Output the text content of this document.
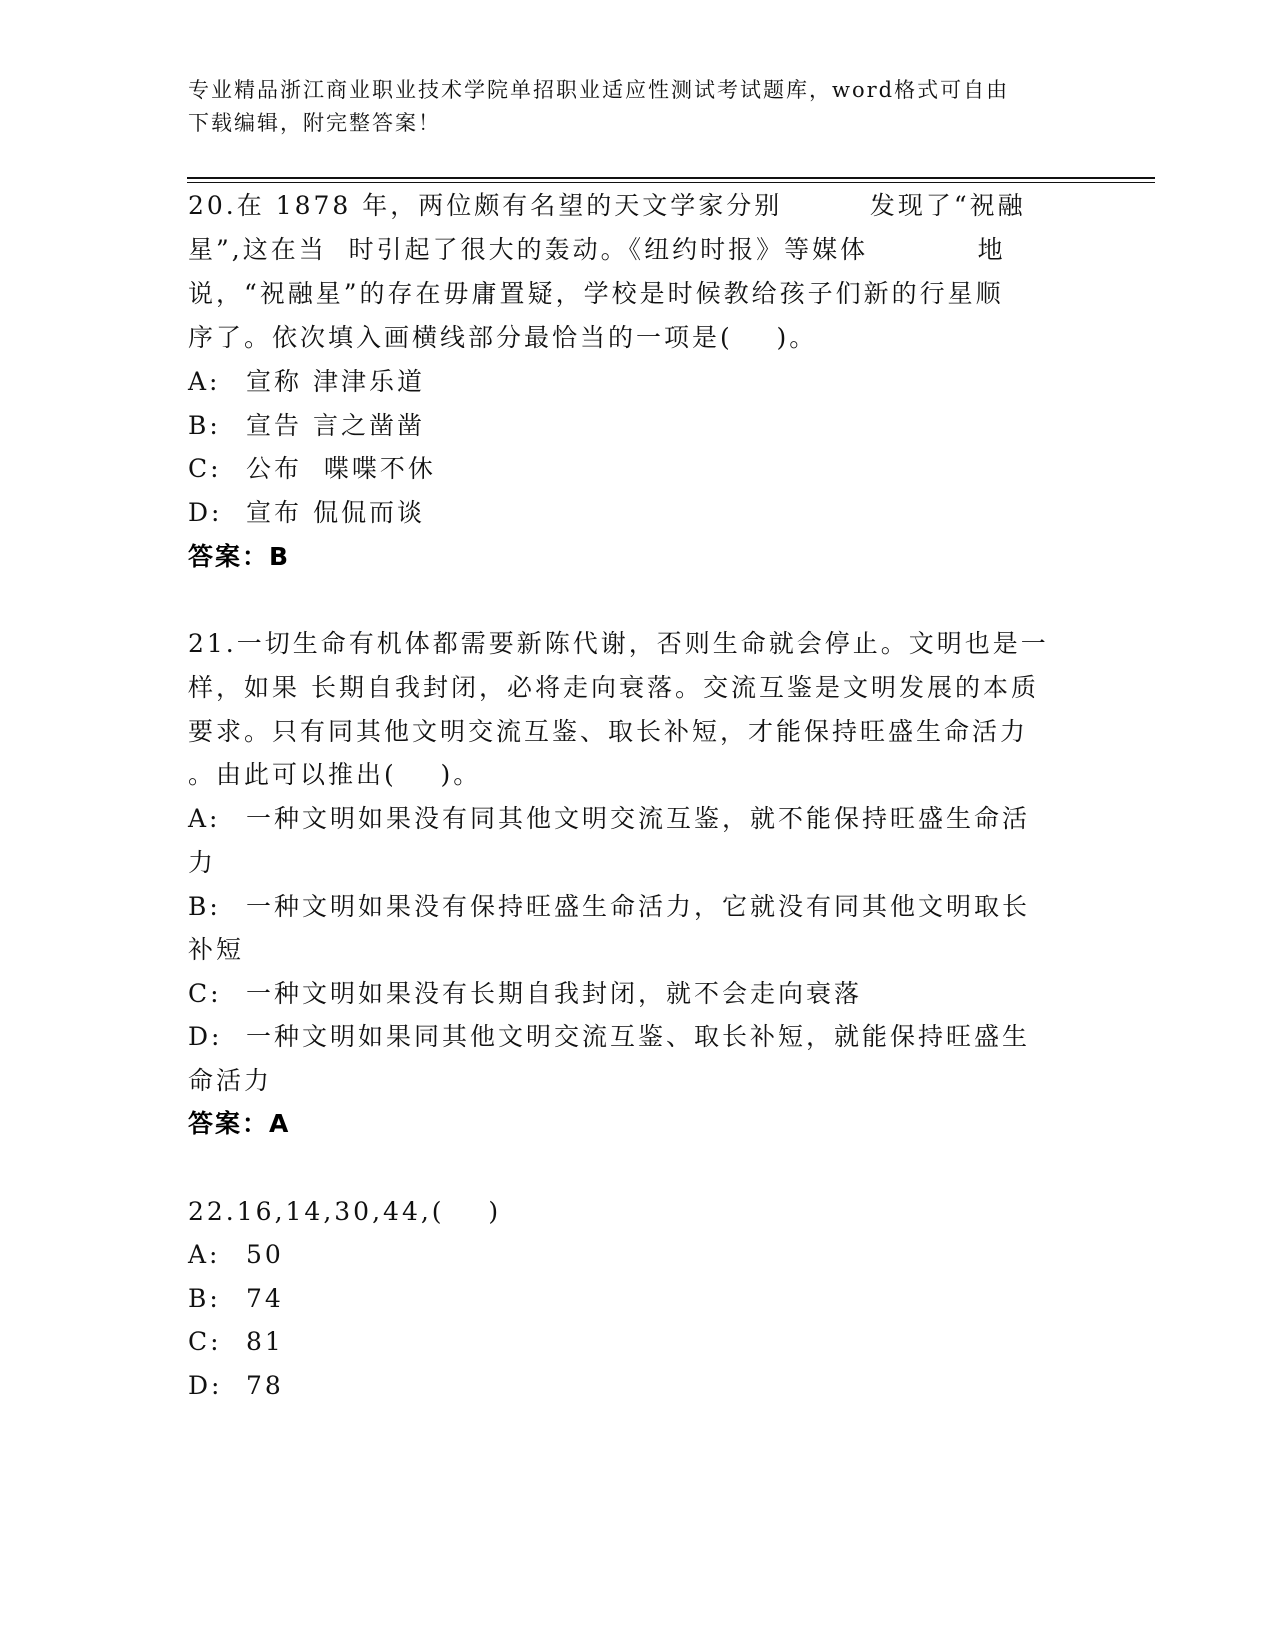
专业精品浙江商业职业技术学院单招职业适应性测试考试题库，word格式可自由
下载编辑，附完整答案！
20.在 1878 年，两位颇有名望的天文学家分别        发现了“祝融
星”,这在当  时引起了很大的轰动。《纽约时报》等媒体          地
说，“祝融星”的存在毋庸置疑，学校是时候教给孩子们新的行星顺
序了。依次填入画横线部分最恰当的一项是(    )。
A: 宣称 津津乐道
B: 宣告 言之凿凿
C: 公布  喋喋不休
D: 宣布 侃侃而谈
答案：B
21.一切生命有机体都需要新陈代谢，否则生命就会停止。文明也是一
样，如果 长期自我封闭，必将走向衰落。交流互鉴是文明发展的本质
要求。只有同其他文明交流互鉴、取长补短，才能保持旺盛生命活力
。由此可以推出(    )。
A: 一种文明如果没有同其他文明交流互鉴，就不能保持旺盛生命活
力
B: 一种文明如果没有保持旺盛生命活力，它就没有同其他文明取长
补短
C: 一种文明如果没有长期自我封闭，就不会走向衰落
D: 一种文明如果同其他文明交流互鉴、取长补短，就能保持旺盛生
命活力
答案：A
22.16,14,30,44,(    )
A: 50
B: 74
C: 81
D: 78
